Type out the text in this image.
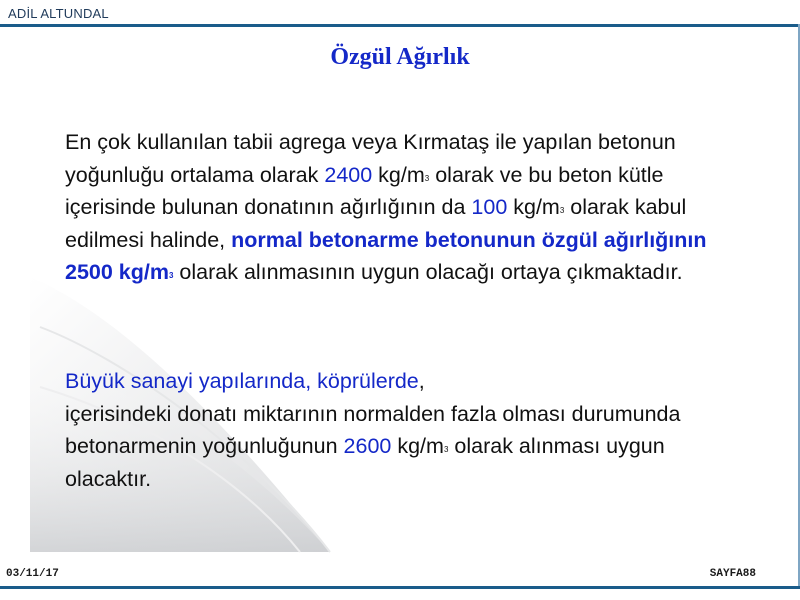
ADİL ALTUNDAL
Özgül Ağırlık
En çok kullanılan tabii agrega veya Kırmataş ile yapılan betonun yoğunluğu ortalama olarak 2400 $kg/m^3$ olarak ve bu beton kütle içerisinde bulunan donatının ağırlığının da 100 $kg/m^3$ olarak kabul edilmesi halinde, normal betonarme betonunun özgül ağırlığının 2500 $kg/m^3$ olarak alınmasının uygun olacağı ortaya çıkmaktadır.
Büyük sanayi yapılarında, köprülerde,
içerisindeki donatı miktarının normalden fazla olması durumunda betonarmenin yoğunluğunun 2600 $kg/m^3$ olarak alınması uygun olacaktır.
03/11/17	SAYFA88
